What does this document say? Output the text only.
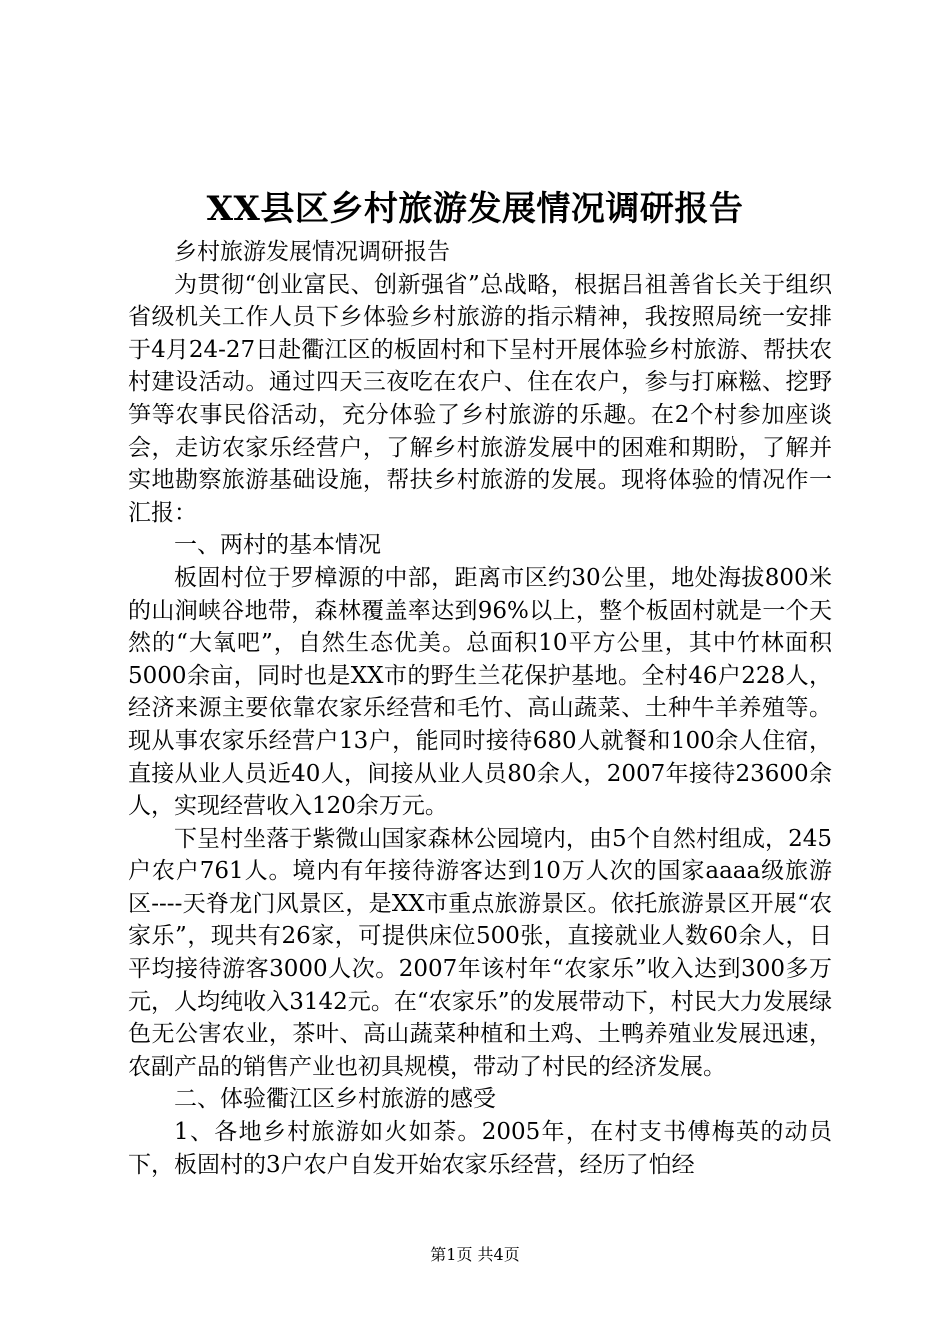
XX县区乡村旅游发展情况调研报告

乡村旅游发展情况调研报告

为贯彻“创业富民、创新强省”总战略，根据吕祖善省长关于组织省级机关工作人员下乡体验乡村旅游的指示精神，我按照局统一安排于4月24-27日赴衢江区的板固村和下呈村开展体验乡村旅游、帮扶农村建设活动。通过四天三夜吃在农户、住在农户，参与打麻糍、挖野笋等农事民俗活动，充分体验了乡村旅游的乐趣。在2个村参加座谈会，走访农家乐经营户，了解乡村旅游发展中的困难和期盼，了解并实地勘察旅游基础设施，帮扶乡村旅游的发展。现将体验的情况作一汇报：

一、两村的基本情况

板固村位于罗樟源的中部，距离市区约30公里，地处海拔800米的山涧峡谷地带，森林覆盖率达到96%以上，整个板固村就是一个天然的“大氧吧”，自然生态优美。总面积10平方公里，其中竹林面积5000余亩，同时也是XX市的野生兰花保护基地。全村46户228人，经济来源主要依靠农家乐经营和毛竹、高山蔬菜、土种牛羊养殖等。现从事农家乐经营户13户，能同时接待680人就餐和100余人住宿，直接从业人员近40人，间接从业人员80余人，2007年接待23600余人，实现经营收入120余万元。

下呈村坐落于紫微山国家森林公园境内，由5个自然村组成，245户农户761人。境内有年接待游客达到10万人次的国家aaaa级旅游区----天脊龙门风景区，是XX市重点旅游景区。依托旅游景区开展“农家乐”，现共有26家，可提供床位500张，直接就业人数60余人，日平均接待游客3000人次。2007年该村年“农家乐”收入达到300多万元，人均纯收入3142元。在“农家乐”的发展带动下，村民大力发展绿色无公害农业，茶叶、高山蔬菜种植和土鸡、土鸭养殖业发展迅速，农副产品的销售产业也初具规模，带动了村民的经济发展。

二、体验衢江区乡村旅游的感受

1、各地乡村旅游如火如荼。2005年，在村支书傅梅英的动员下，板固村的3户农户自发开始农家乐经营，经历了怕经

第1页 共4页
